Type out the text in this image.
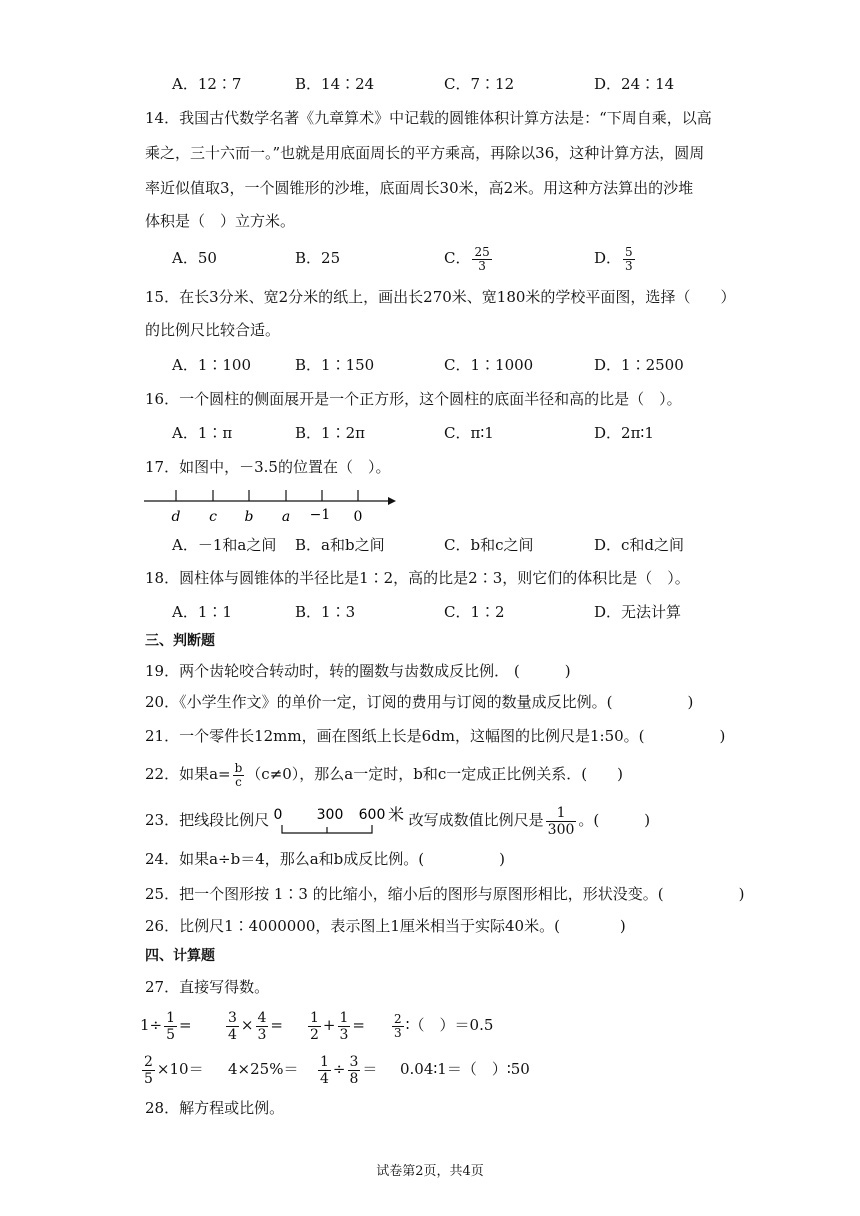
A．12∶7	B．14∶24	C．7∶12	D．24∶14
14．我国古代数学名著《九章算术》中记载的圆锥体积计算方法是：“下周自乘，以高
乘之，三十六而一。”也就是用底面周长的平方乘高，再除以36，这种计算方法，圆周
率近似值取3，一个圆锥形的沙堆，底面周长30米，高2米。用这种方法算出的沙堆
体积是（　）立方米。
A．50	B．25	C． $\frac{25}{3}$	D． $\frac{5}{3}$
15．在长3分米、宽2分米的纸上，画出长270米、宽180米的学校平面图，选择（　　）
的比例尺比较合适。
A．1∶100	B．1∶150	C．1∶1000	D．1∶2500
16．一个圆柱的侧面展开是一个正方形，这个圆柱的底面半径和高的比是（　）。
A．1∶π	B．1∶2π	C．π∶1	D．2π∶1
17．如图中，－3.5的位置在（　）。
d c b a −1 0
A．－1和a之间 B．a和b之间	C．b和c之间	D．c和d之间
18．圆柱体与圆锥体的半径比是1∶2，高的比是2∶3，则它们的体积比是（　）。
A．1∶1	B．1∶3	C．1∶2	D．无法计算
三、判断题
19．两个齿轮咬合转动时，转的圈数与齿数成反比例． (　　　)
20．《小学生作文》的单价一定，订阅的费用与订阅的数量成反比例。(　　　　　)
21．一个零件长12mm，画在图纸上长是6dm，这幅图的比例尺是1:50。(　　　　　)
22．如果$a= \frac{b}{c} (c\ne 0)$，那么a一定时，b和c一定成正比例关系．(　　)
23．把线段比例尺 0 300 600 米 改写成数值比例尺是 $\frac{1}{300}$ 。(　　　)
24．如果a÷b＝4，那么a和b成反比例。(　　　　　)
25．把一个图形按 1∶3 的比缩小，缩小后的图形与原图形相比，形状没变。(　　　　　)
26．比例尺1∶4000000，表示图上1厘米相当于实际40米。(　　　　)
四、计算题
27．直接写得数。
$1\div \frac{1}{5} = \frac{3}{4} \times \frac{4}{3} = \frac{1}{2} + \frac{1}{3} = \frac{2}{3}$ ∶（　）＝0.5
$\frac{2}{5} \times 10= 4\times 25\%= \frac{1}{4} \div \frac{3}{8}$ ＝ 0.04∶1＝（　）∶50
28．解方程或比例。
试卷第2页，共4页
